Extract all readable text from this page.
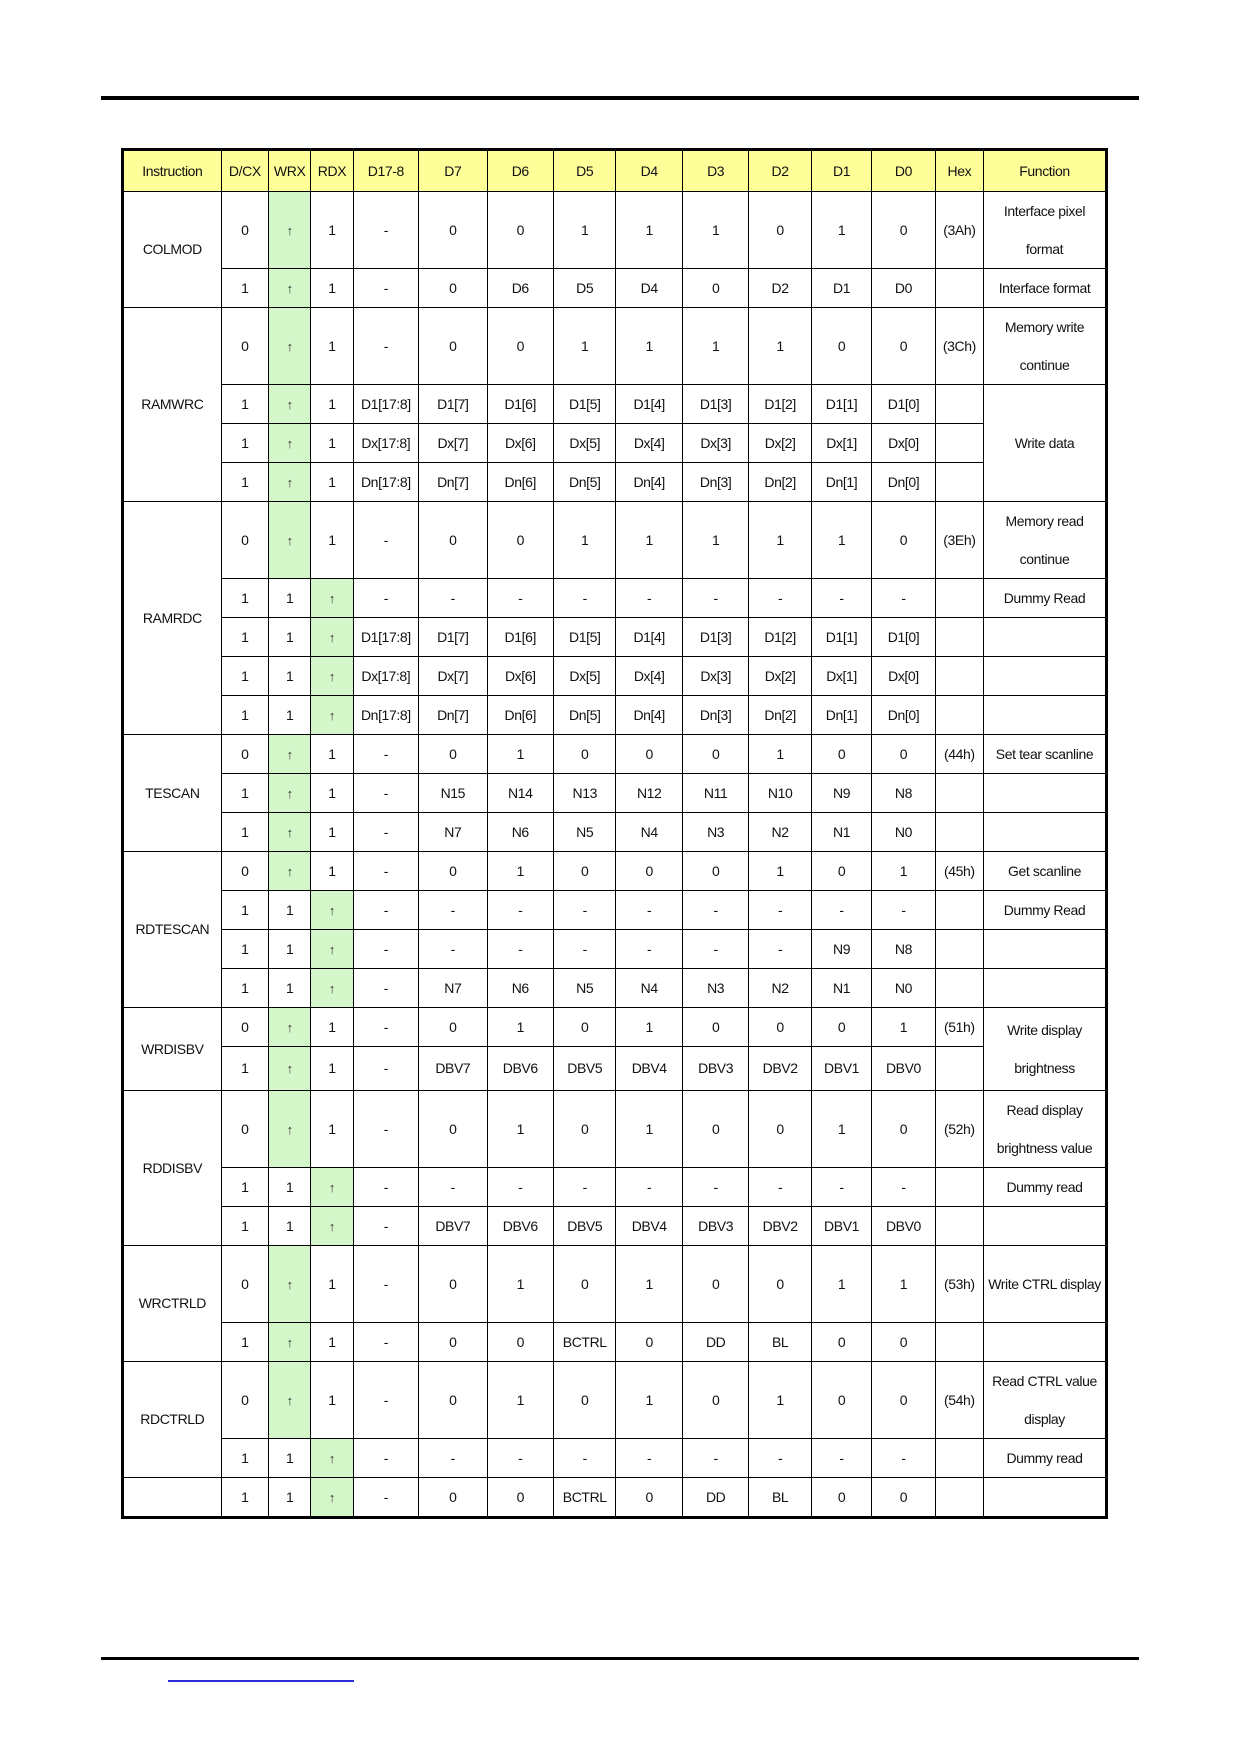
Instruction	D/CX	WRX	RDX	D17-8	D7	D6	D5	D4	D3	D2	D1	D0	Hex	Function
COLMOD	0	↑	1	-	0	0	1	1	1	0	1	0	(3Ah)	Interface pixel format
	1	↑	1	-	0	D6	D5	D4	0	D2	D1	D0		Interface format
RAMWRC	0	↑	1	-	0	0	1	1	1	1	0	0	(3Ch)	Memory write continue
	1	↑	1	D1[17:8]	D1[7]	D1[6]	D1[5]	D1[4]	D1[3]	D1[2]	D1[1]	D1[0]		Write data
	1	↑	1	Dx[17:8]	Dx[7]	Dx[6]	Dx[5]	Dx[4]	Dx[3]	Dx[2]	Dx[1]	Dx[0]		
	1	↑	1	Dn[17:8]	Dn[7]	Dn[6]	Dn[5]	Dn[4]	Dn[3]	Dn[2]	Dn[1]	Dn[0]		
RAMRDC	0	↑	1	-	0	0	1	1	1	1	1	0	(3Eh)	Memory read continue
	1	1	↑	-	-	-	-	-	-	-	-	-		Dummy Read
	1	1	↑	D1[17:8]	D1[7]	D1[6]	D1[5]	D1[4]	D1[3]	D1[2]	D1[1]	D1[0]		
	1	1	↑	Dx[17:8]	Dx[7]	Dx[6]	Dx[5]	Dx[4]	Dx[3]	Dx[2]	Dx[1]	Dx[0]		
	1	1	↑	Dn[17:8]	Dn[7]	Dn[6]	Dn[5]	Dn[4]	Dn[3]	Dn[2]	Dn[1]	Dn[0]		
TESCAN	0	↑	1	-	0	1	0	0	0	1	0	0	(44h)	Set tear scanline
	1	↑	1	-	N15	N14	N13	N12	N11	N10	N9	N8		
	1	↑	1	-	N7	N6	N5	N4	N3	N2	N1	N0		
RDTESCAN	0	↑	1	-	0	1	0	0	0	1	0	1	(45h)	Get scanline
	1	1	↑	-	-	-	-	-	-	-	-	-		Dummy Read
	1	1	↑	-	-	-	-	-	-	-	N9	N8		
	1	1	↑	-	N7	N6	N5	N4	N3	N2	N1	N0		
WRDISBV	0	↑	1	-	0	1	0	1	0	0	0	1	(51h)	Write display brightness
	1	↑	1	-	DBV7	DBV6	DBV5	DBV4	DBV3	DBV2	DBV1	DBV0		
RDDISBV	0	↑	1	-	0	1	0	1	0	0	1	0	(52h)	Read display brightness value
	1	1	↑	-	-	-	-	-	-	-	-	-		Dummy read
	1	1	↑	-	DBV7	DBV6	DBV5	DBV4	DBV3	DBV2	DBV1	DBV0		
WRCTRLD	0	↑	1	-	0	1	0	1	0	0	1	1	(53h)	Write CTRL display
	1	↑	1	-	0	0	BCTRL	0	DD	BL	0	0		
RDCTRLD	0	↑	1	-	0	1	0	1	0	1	0	0	(54h)	Read CTRL value display
	1	1	↑	-	-	-	-	-	-	-	-	-		Dummy read
	1	1	↑	-	0	0	BCTRL	0	DD	BL	0	0		
